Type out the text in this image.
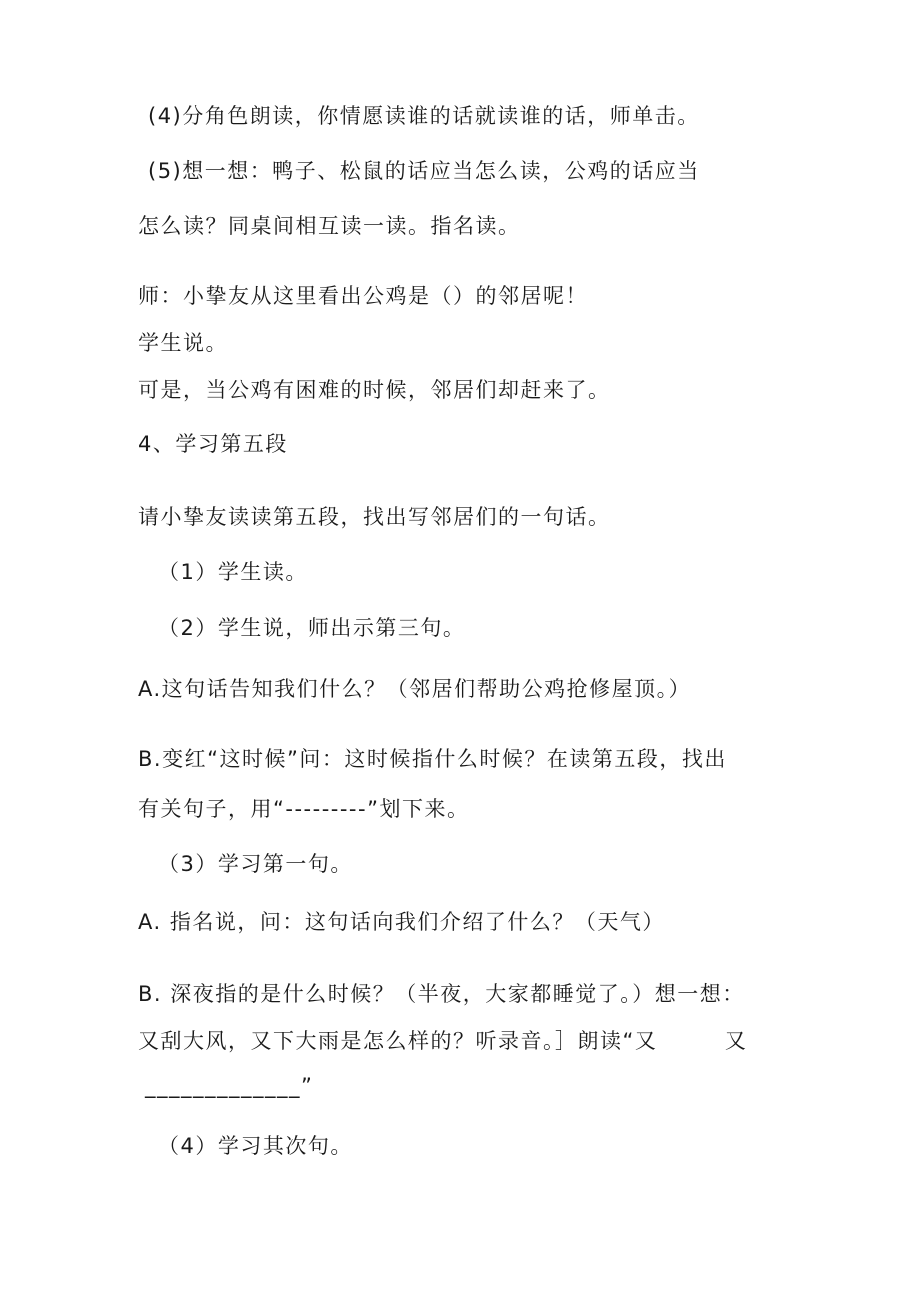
(4)分角色朗读，你情愿读谁的话就读谁的话，师单击。
(5)想一想：鸭子、松鼠的话应当怎么读，公鸡的话应当
怎么读？同桌间相互读一读。指名读。
师：小挚友从这里看出公鸡是（）的邻居呢！
学生说。
可是，当公鸡有困难的时候，邻居们却赶来了。
4、学习第五段
请小挚友读读第五段，找出写邻居们的一句话。
（1）学生读。
（2）学生说，师出示第三句。
A.这句话告知我们什么？（邻居们帮助公鸡抢修屋顶。）
B.变红“这时候”问：这时候指什么时候？在读第五段，找出
有关句子，用“---------”划下来。
（3）学习第一句。
A. 指名说，问：这句话向我们介绍了什么？（天气）
B. 深夜指的是什么时候？（半夜，大家都睡觉了。）想一想：
又刮大风，又下大雨是怎么样的？听录音。］朗读“又　　　又
_____________”
（4）学习其次句。
